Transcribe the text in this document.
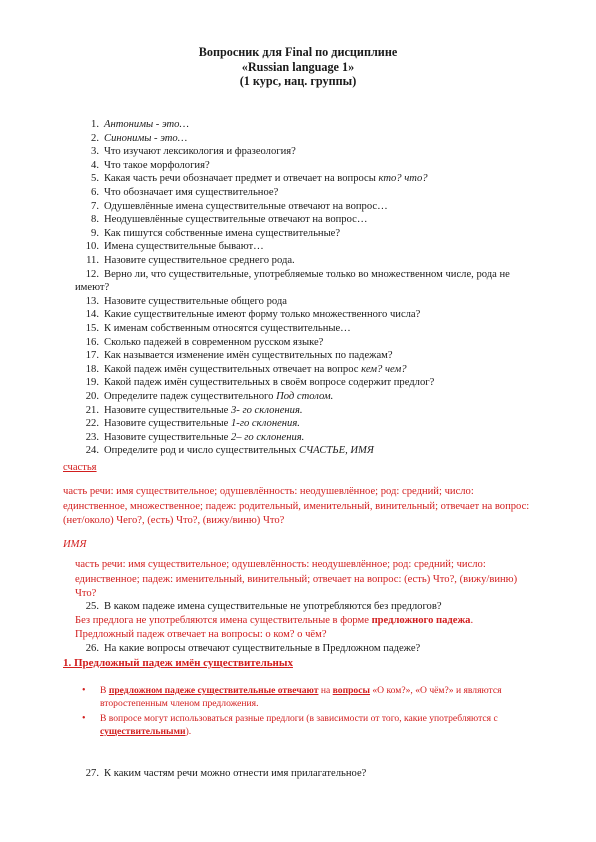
Вопросник для Final по дисциплине
«Russian language 1»
(1 курс, нац. группы)
1. Антонимы - это…
2. Синонимы - это…
3. Что изучают лексикология и фразеология?
4. Что такое морфология?
5. Какая часть речи обозначает предмет и отвечает на вопросы кто? что?
6. Что обозначает имя существительное?
7. Одушевлённые имена существительные отвечают на вопрос…
8. Неодушевлённые существительные отвечают на вопрос…
9. Как пишутся собственные имена существительные?
10. Имена существительные бывают…
11. Назовите существительное среднего рода.
12. Верно ли, что существительные, употребляемые только во множественном числе, рода не имеют?
13. Назовите существительные общего рода
14. Какие существительные имеют форму только множественного числа?
15. К именам собственным относятся существительные…
16. Сколько падежей в современном русском языке?
17. Как называется изменение имён существительных по падежам?
18. Какой падеж имён существительных отвечает на вопрос кем? чем?
19. Какой падеж имён существительных в своём вопросе содержит предлог?
20. Определите падеж существительного Под столом.
21. Назовите существительные 3- го склонения.
22. Назовите существительные 1-го склонения.
23. Назовите существительные 2– го склонения.
24. Определите род и число существительных СЧАСТЬЕ, ИМЯ
счастья
часть речи: имя существительное; одушевлённость: неодушевлённое; род: средний; число: единственное, множественное; падеж: родительный, именительный, винительный; отвечает на вопрос: (нет/около) Чего?, (есть) Что?, (вижу/виню) Что?
ИМЯ
часть речи: имя существительное; одушевлённость: неодушевлённое; род: средний; число: единственное; падеж: именительный, винительный; отвечает на вопрос: (есть) Что?, (вижу/виню) Что?
25. В каком падеже имена существительные не употребляются без предлогов?
Без предлога не употребляются имена существительные в форме предложного падежа.
Предложный падеж отвечает на вопросы: о ком? о чём?
26. На какие вопросы отвечают существительные в Предложном падеже?
1. Предложный падеж имён существительных
• В предложном падеже существительные отвечают на вопросы «О ком?», «О чём?» и являются второстепенным членом предложения.
• В вопросе могут использоваться разные предлоги (в зависимости от того, какие употребляются с существительными).
27. К каким частям речи можно отнести имя прилагательное?
